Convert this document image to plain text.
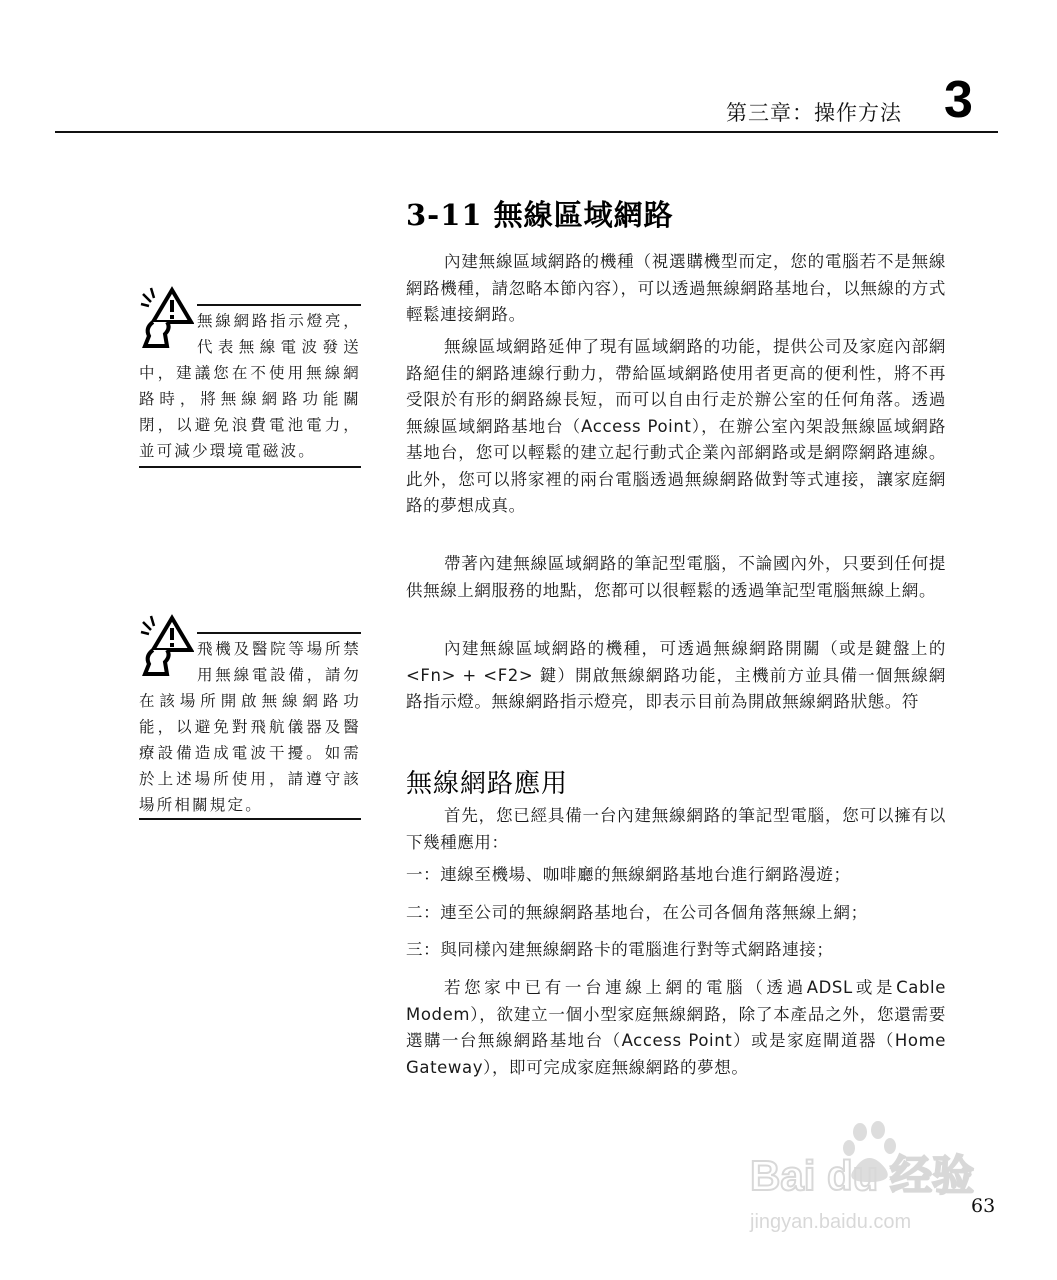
第三章：操作方法 3
3-11 無線區域網路

內建無線區域網路的機種（視選購機型而定，您的電腦若不是無線網路機種，請忽略本節內容），可以透過無線網路基地台，以無線的方式輕鬆連接網路。

無線區域網路延伸了現有區域網路的功能，提供公司及家庭內部網路絕佳的網路連線行動力，帶給區域網路使用者更高的便利性，將不再受限於有形的網路線長短，而可以自由行走於辦公室的任何角落。透過無線區域網路基地台（Access Point），在辦公室內架設無線區域網路基地台，您可以輕鬆的建立起行動式企業內部網路或是網際網路連線。此外，您可以將家裡的兩台電腦透過無線網路做對等式連接，讓家庭網路的夢想成真。

帶著內建無線區域網路的筆記型電腦，不論國內外，只要到任何提供無線上網服務的地點，您都可以很輕鬆的透過筆記型電腦無線上網。

內建無線區域網路的機種，可透過無線網路開關（或是鍵盤上的 <Fn> + <F2> 鍵）開啟無線網路功能，主機前方並具備一個無線網路指示燈。無線網路指示燈亮，即表示目前為開啟無線網路狀態。符

無線網路應用

首先，您已經具備一台內建無線網路的筆記型電腦，您可以擁有以下幾種應用：

一：連線至機場、咖啡廳的無線網路基地台進行網路漫遊；

二：連至公司的無線網路基地台，在公司各個角落無線上網；

三：與同樣內建無線網路卡的電腦進行對等式網路連接；

若您家中已有一台連線上網的電腦（透過ADSL或是Cable Modem），欲建立一個小型家庭無線網路，除了本產品之外，您還需要選購一台無線網路基地台（Access Point）或是家庭閘道器（Home Gateway），即可完成家庭無線網路的夢想。

無線網路指示燈亮，代表無線電波發送中，建議您在不使用無線網路時，將無線網路功能關閉，以避免浪費電池電力，並可減少環境電磁波。

飛機及醫院等場所禁用無線電設備，請勿在該場所開啟無線網路功能，以避免對飛航儀器及醫療設備造成電波干擾。如需於上述場所使用，請遵守該場所相關規定。

Bai du 经验
jingyan.baidu.com
63
